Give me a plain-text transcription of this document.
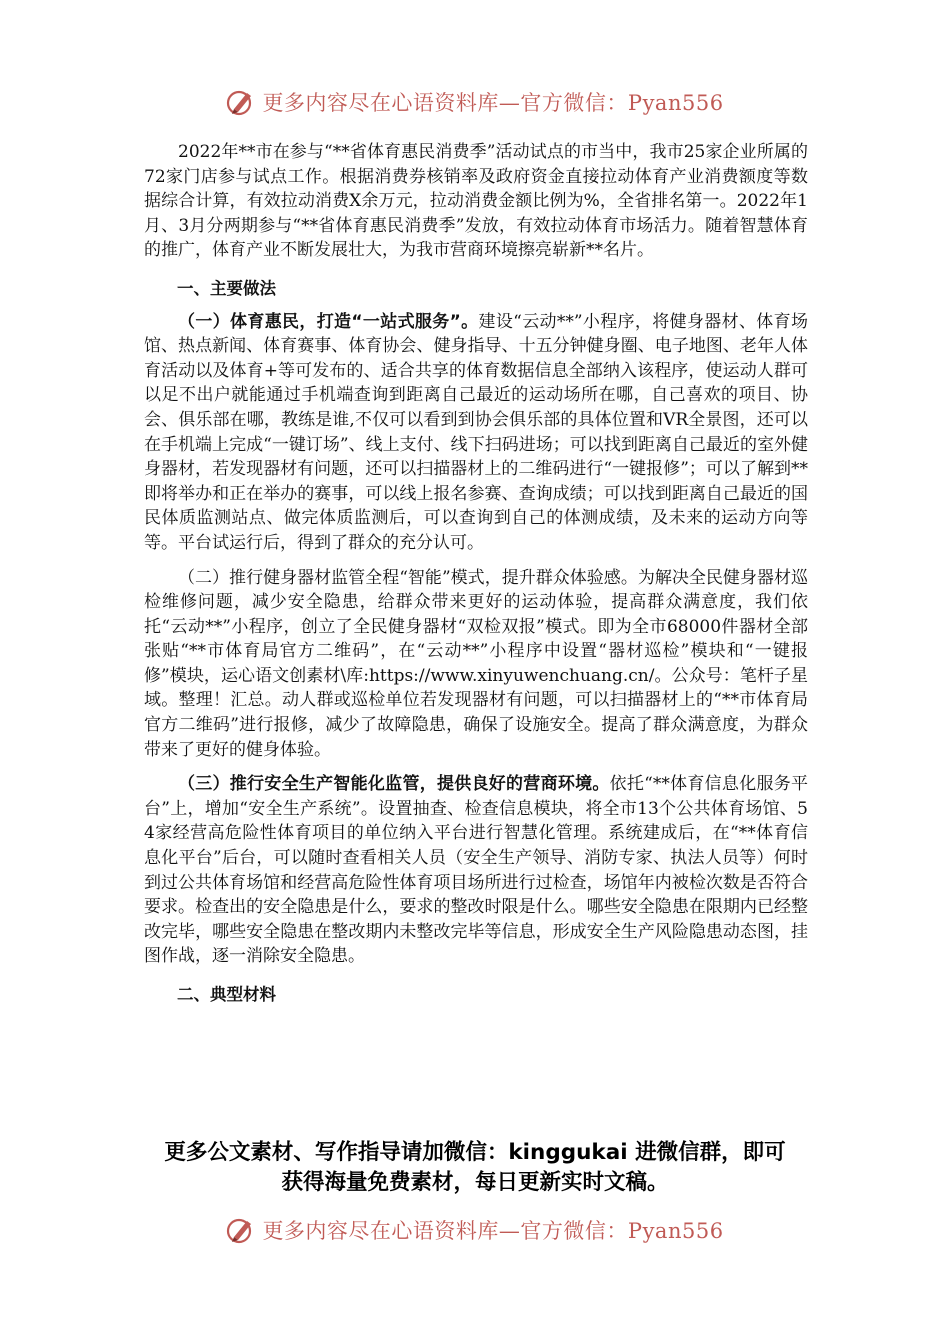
更多内容尽在心语资料库—官方微信：Pyan556

2022年**市在参与“**省体育惠民消费季”活动试点的市当中，我市25家企业所属的72家门店参与试点工作。根据消费券核销率及政府资金直接拉动体育产业消费额度等数据综合计算，有效拉动消费X余万元，拉动消费金额比例为%，全省排名第一。2022年1月、3月分两期参与“**省体育惠民消费季”发放，有效拉动体育市场活力。随着智慧体育的推广，体育产业不断发展壮大，为我市营商环境擦亮崭新**名片。

一、主要做法

（一）体育惠民，打造“一站式服务”。建设“云动**”小程序，将健身器材、体育场馆、热点新闻、体育赛事、体育协会、健身指导、十五分钟健身圈、电子地图、老年人体育活动以及体育+等可发布的、适合共享的体育数据信息全部纳入该程序，使运动人群可以足不出户就能通过手机端查询到距离自己最近的运动场所在哪，自己喜欢的项目、协会、俱乐部在哪，教练是谁,不仅可以看到到协会俱乐部的具体位置和VR全景图，还可以在手机端上完成“一键订场”、线上支付、线下扫码进场；可以找到距离自己最近的室外健身器材，若发现器材有问题，还可以扫描器材上的二维码进行“一键报修”；可以了解到**即将举办和正在举办的赛事，可以线上报名参赛、查询成绩；可以找到距离自己最近的国民体质监测站点、做完体质监测后，可以查询到自己的体测成绩，及未来的运动方向等等。平台试运行后，得到了群众的充分认可。

（二）推行健身器材监管全程“智能”模式，提升群众体验感。为解决全民健身器材巡检维修问题，减少安全隐患，给群众带来更好的运动体验，提高群众满意度，我们依托“云动**”小程序，创立了全民健身器材“双检双报”模式。即为全市68000件器材全部张贴“**市体育局官方二维码”，在“云动**”小程序中设置“器材巡检”模块和“一键报修”模块，运心语文创素材\库:https://www.xinyuwenchuang.cn/。公众号：笔杆子星域。整理！汇总。动人群或巡检单位若发现器材有问题，可以扫描器材上的“**市体育局官方二维码”进行报修，减少了故障隐患，确保了设施安全。提高了群众满意度，为群众带来了更好的健身体验。

（三）推行安全生产智能化监管，提供良好的营商环境。依托“**体育信息化服务平台”上，增加“安全生产系统”。设置抽查、检查信息模块，将全市13个公共体育场馆、54家经营高危险性体育项目的单位纳入平台进行智慧化管理。系统建成后，在“**体育信息化平台”后台，可以随时查看相关人员（安全生产领导、消防专家、执法人员等）何时到过公共体育场馆和经营高危险性体育项目场所进行过检查，场馆年内被检次数是否符合要求。检查出的安全隐患是什么，要求的整改时限是什么。哪些安全隐患在限期内已经整改完毕，哪些安全隐患在整改期内未整改完毕等信息，形成安全生产风险隐患动态图，挂图作战，逐一消除安全隐患。

二、典型材料

更多公文素材、写作指导请加微信：kinggukai 进微信群，即可
获得海量免费素材，每日更新实时文稿。
更多内容尽在心语资料库—官方微信：Pyan556
